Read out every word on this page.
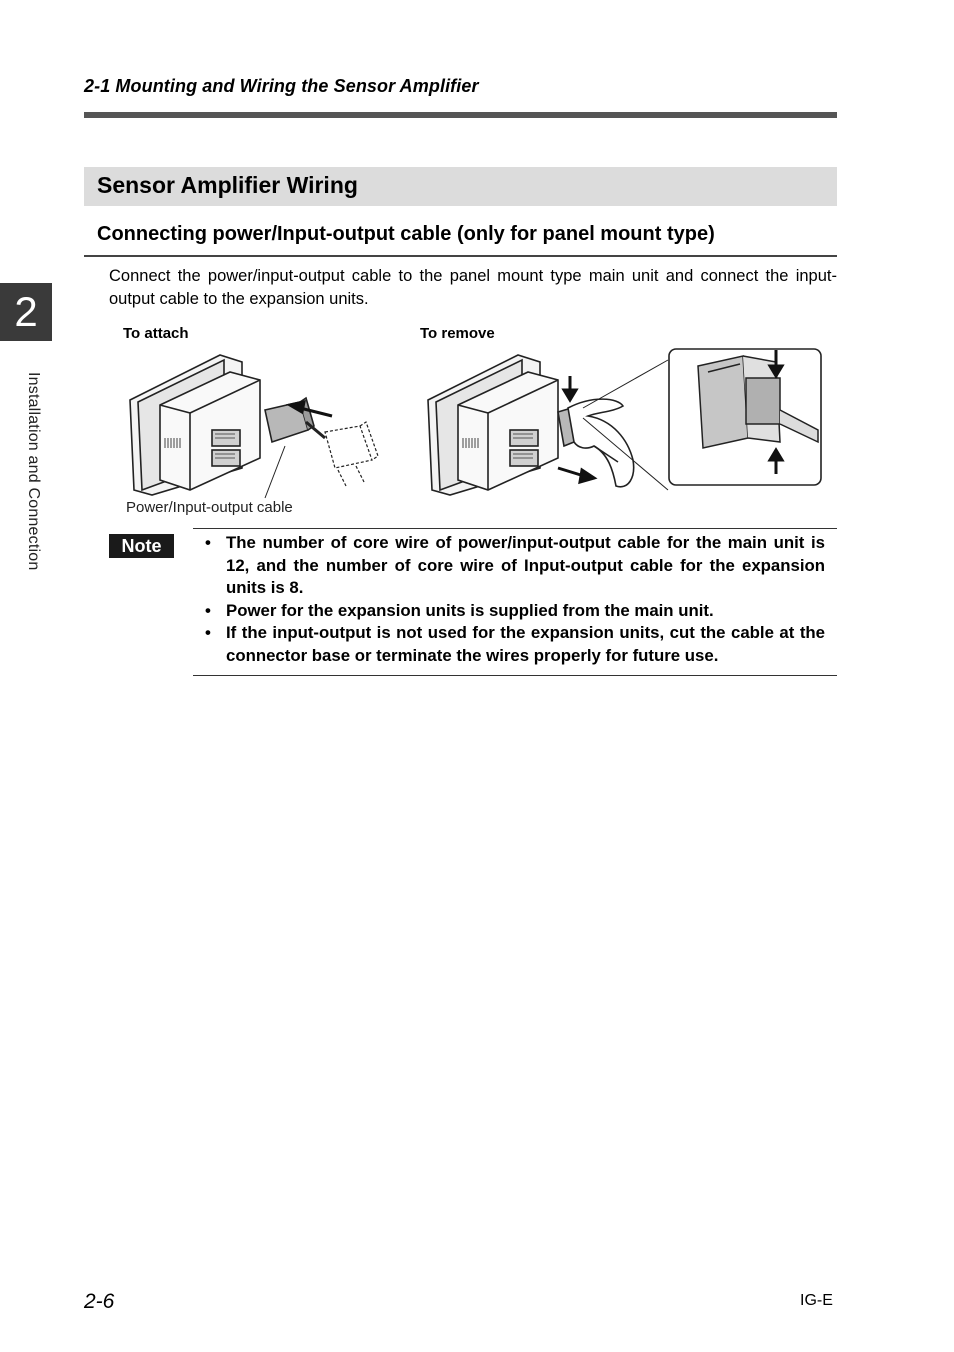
2-1 Mounting and Wiring the Sensor Amplifier
2
Installation and Connection
Sensor Amplifier Wiring
Connecting power/Input-output cable (only for panel mount type)
Connect the power/input-output cable to the panel mount type main unit and connect the input-output cable to the expansion units.
To attach	To remove
Power/Input-output cable
Note
•	The number of core wire of power/input-output cable for the main unit is 12, and the number of core wire of Input-output cable for the expansion units is 8.
• Power for the expansion units is supplied from the main unit.
• If the input-output is not used for the expansion units, cut the cable at the connector base or terminate the wires properly for future use.
2-6	IG-E
